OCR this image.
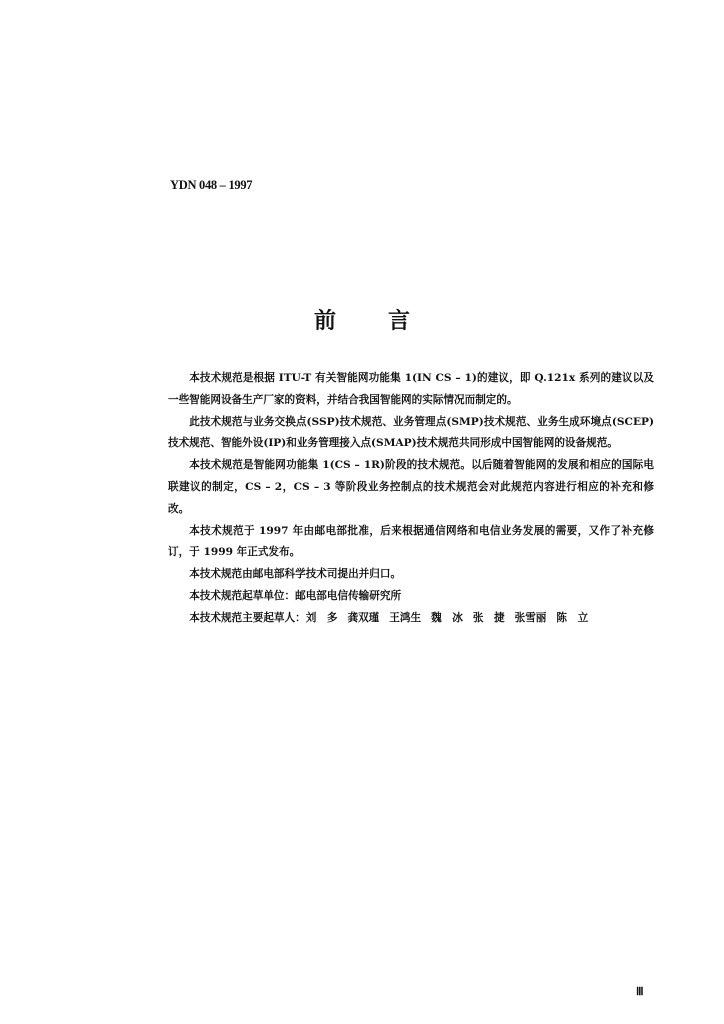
YDN 048 – 1997
前 言

本技术规范是根据 ITU-T 有关智能网功能集 1(IN CS – 1)的建议，即 Q.121x 系列的建议以及一些智能网设备生产厂家的资料，并结合我国智能网的实际情况而制定的。

此技术规范与业务交换点(SSP)技术规范、业务管理点(SMP)技术规范、业务生成环境点(SCEP)技术规范、智能外设(IP)和业务管理接入点(SMAP)技术规范共同形成中国智能网的设备规范。

本技术规范是智能网功能集 1(CS – 1R)阶段的技术规范。以后随着智能网的发展和相应的国际电联建议的制定，CS – 2，CS – 3 等阶段业务控制点的技术规范会对此规范内容进行相应的补充和修改。

本技术规范于 1997 年由邮电部批准，后来根据通信网络和电信业务发展的需要，又作了补充修订，于 1999 年正式发布。

本技术规范由邮电部科学技术司提出并归口。

本技术规范起草单位：邮电部电信传输研究所

本技术规范主要起草人：刘　多 龚双瑾 王鸿生 魏　冰 张　捷 张雪丽 陈　立

Ⅲ
